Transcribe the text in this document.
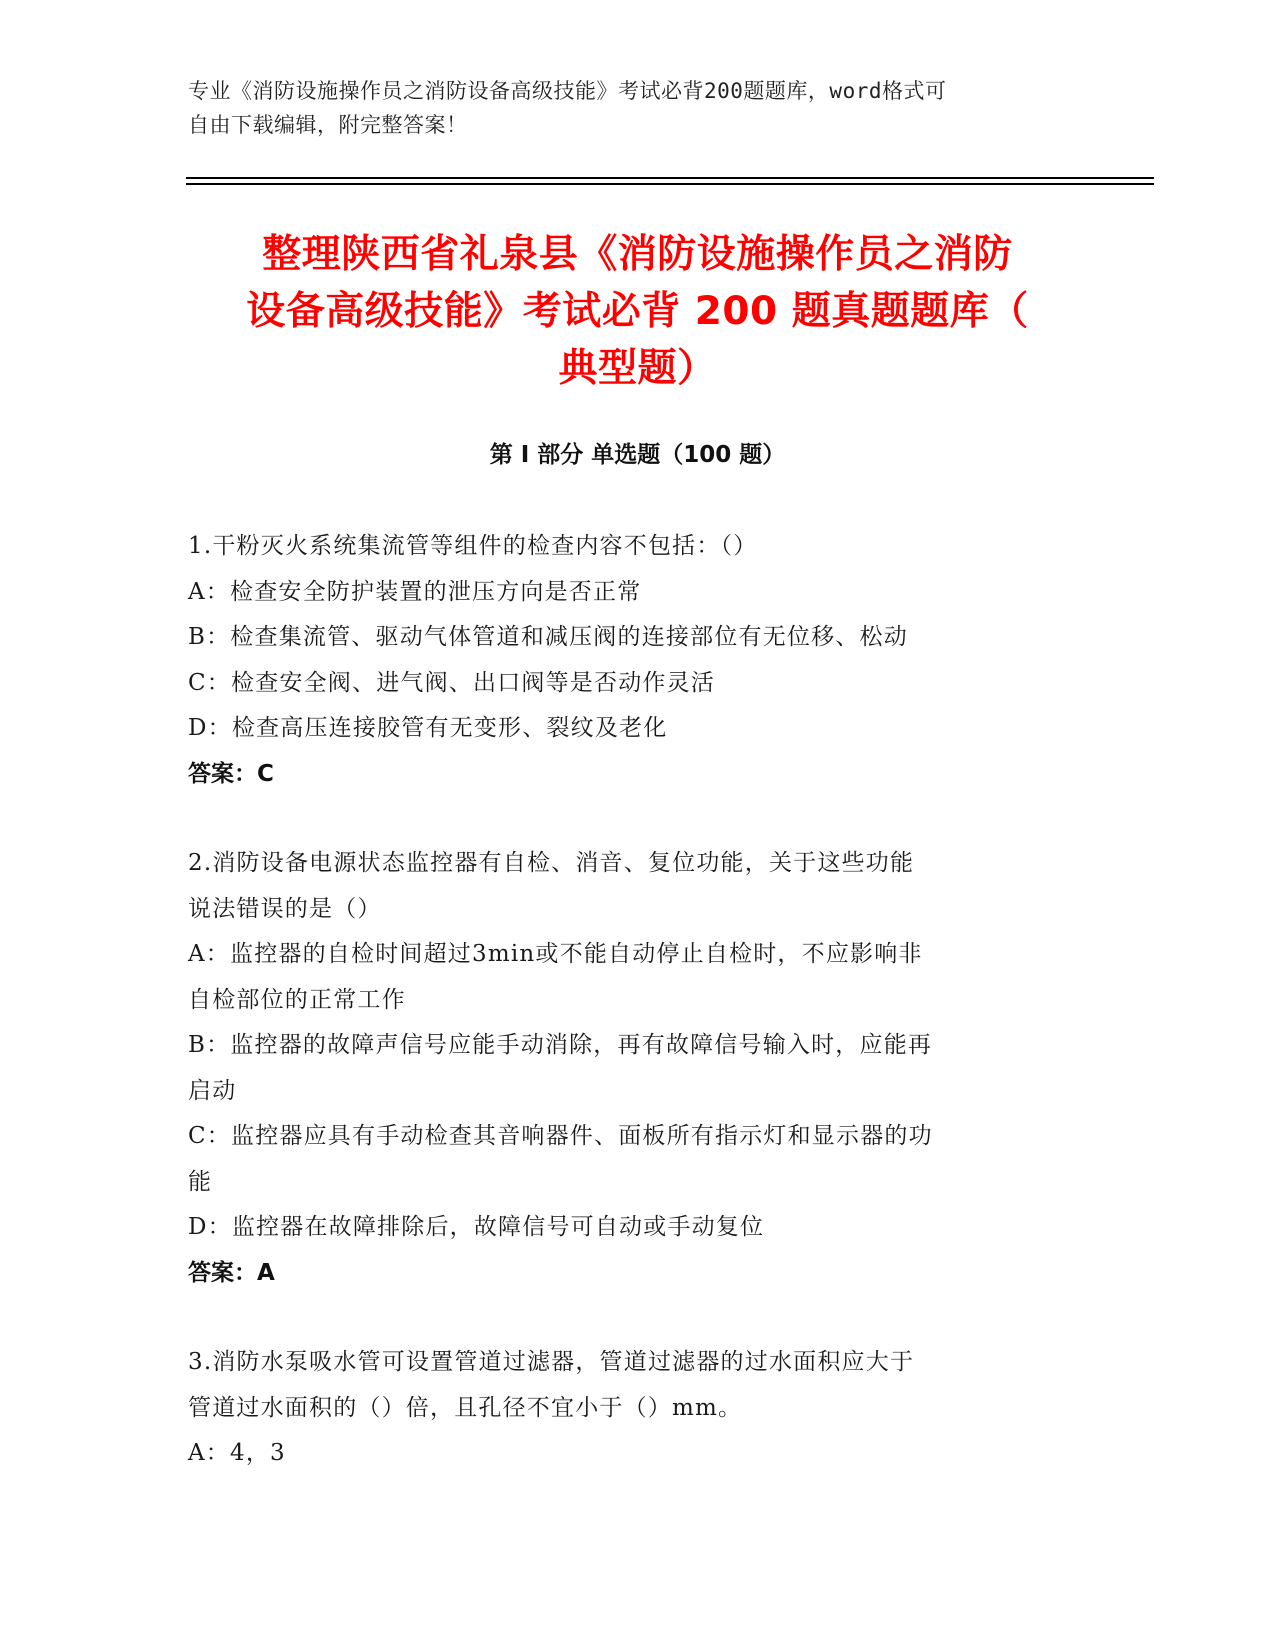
专业《消防设施操作员之消防设备高级技能》考试必背200题题库，word格式可
自由下载编辑，附完整答案！
整理陕西省礼泉县《消防设施操作员之消防
设备高级技能》考试必背 200 题真题题库（
典型题）
第 I 部分 单选题（100 题）

1.干粉灭火系统集流管等组件的检查内容不包括：（）

A：检查安全防护装置的泄压方向是否正常

B：检查集流管、驱动气体管道和减压阀的连接部位有无位移、松动

C：检查安全阀、进气阀、出口阀等是否动作灵活

D：检查高压连接胶管有无变形、裂纹及老化

答案：C

2.消防设备电源状态监控器有自检、消音、复位功能，关于这些功能

说法错误的是（）

A：监控器的自检时间超过3min或不能自动停止自检时，不应影响非

自检部位的正常工作

B：监控器的故障声信号应能手动消除，再有故障信号输入时，应能再

启动

C：监控器应具有手动检查其音响器件、面板所有指示灯和显示器的功

能

D：监控器在故障排除后，故障信号可自动或手动复位

答案：A

3.消防水泵吸水管可设置管道过滤器，管道过滤器的过水面积应大于

管道过水面积的（）倍，且孔径不宜小于（）mm。

A：4，3
